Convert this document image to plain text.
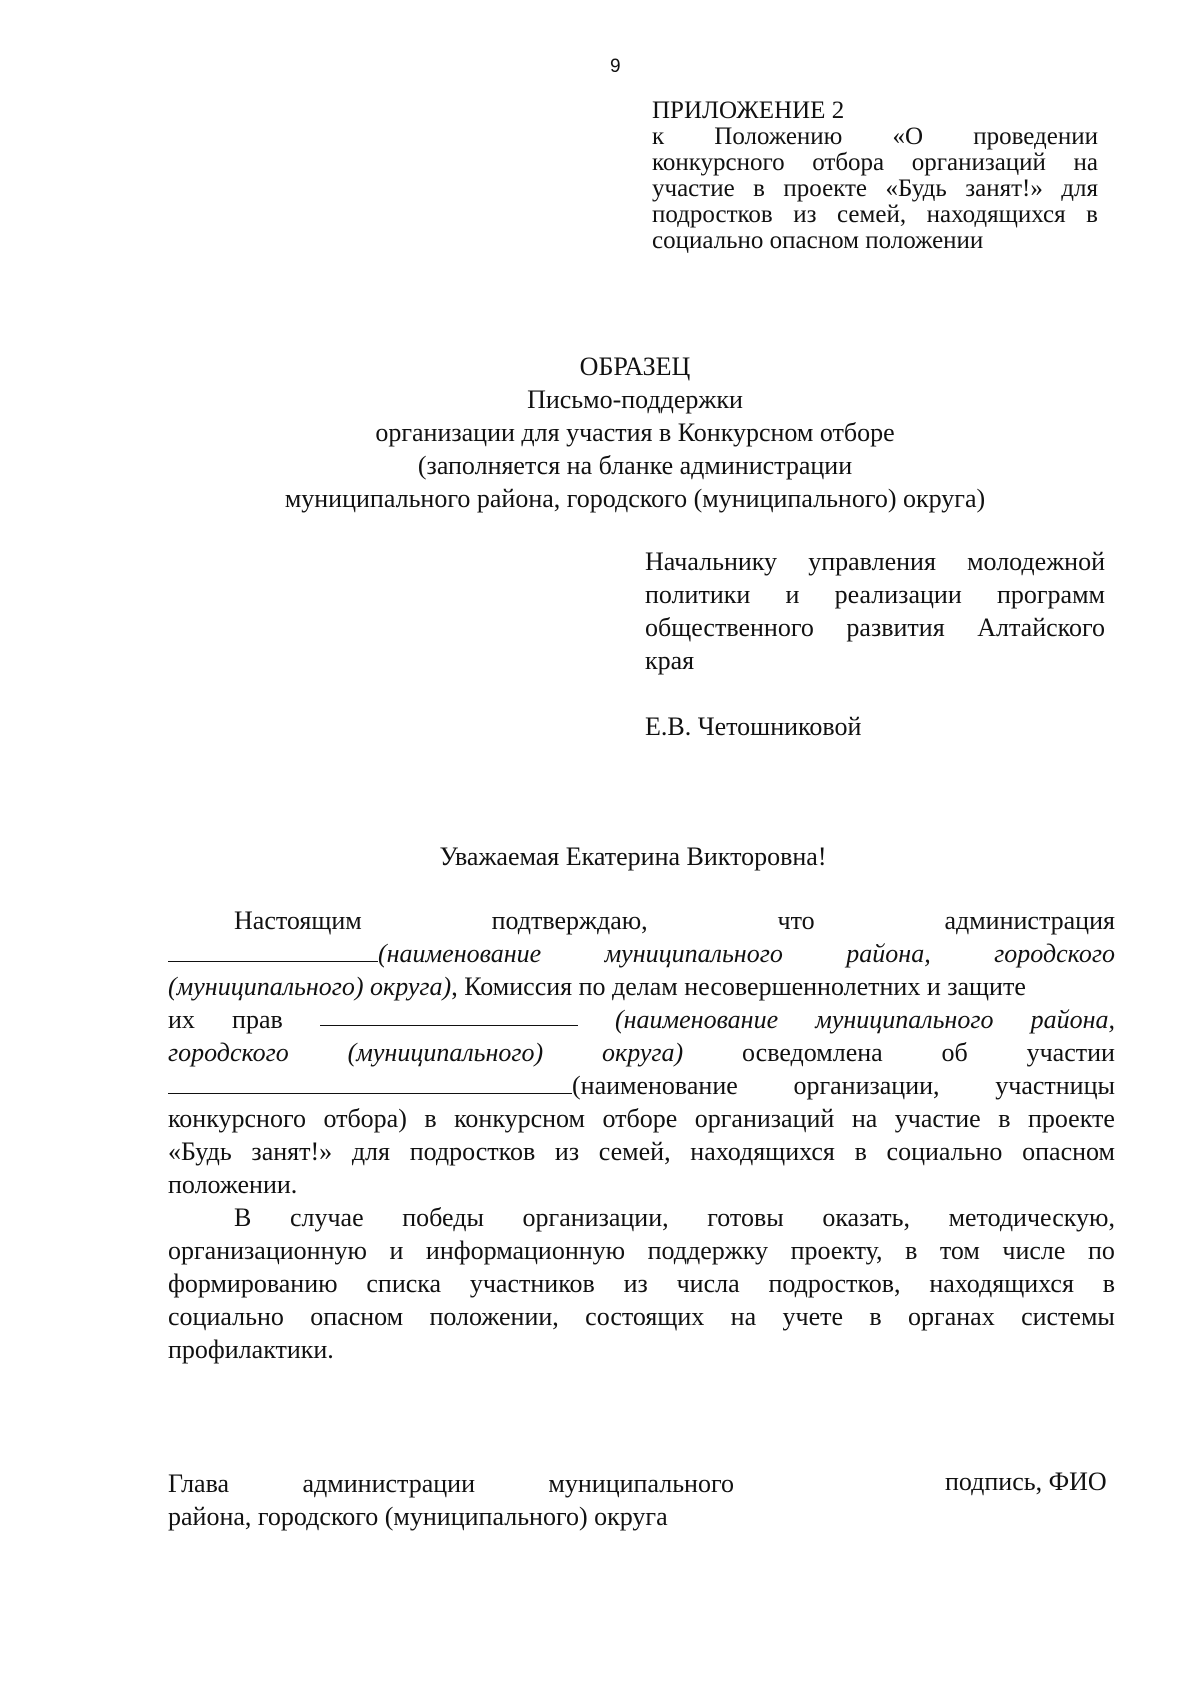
9
ПРИЛОЖЕНИЕ 2
к Положению «О проведении конкурсного отбора организаций на участие в проекте «Будь занят!» для подростков из семей, находящихся в социально опасном положении
ОБРАЗЕЦ
Письмо-поддержки
организации для участия в Конкурсном отборе
(заполняется на бланке администрации
муниципального района, городского (муниципального) округа)
Начальнику управления молодежной политики и реализации программ общественного развития Алтайского края
Е.В. Четошниковой
Уважаемая Екатерина Викторовна!
Настоящим	подтверждаю,	что	администрация
(наименование муниципального района, городского
(муниципального) округа) , Комиссия по делам несовершеннолетних и защите
их прав	(наименование муниципального района,
городского (муниципального) округа) осведомлена об участии
(наименование организации, участницы
конкурсного отбора) в конкурсном отборе организаций на участие в проекте
«Будь занят!» для подростков из семей, находящихся в социально опасном
положении.
В случае победы организации, готовы оказать, методическую,
организационную и информационную поддержку проекту, в том числе по
формированию списка участников из числа подростков, находящихся в
социально опасном положении, состоящих на учете в органах системы
профилактики.
Глава	администрации	муниципального
района, городского (муниципального) округа
подпись, ФИО
